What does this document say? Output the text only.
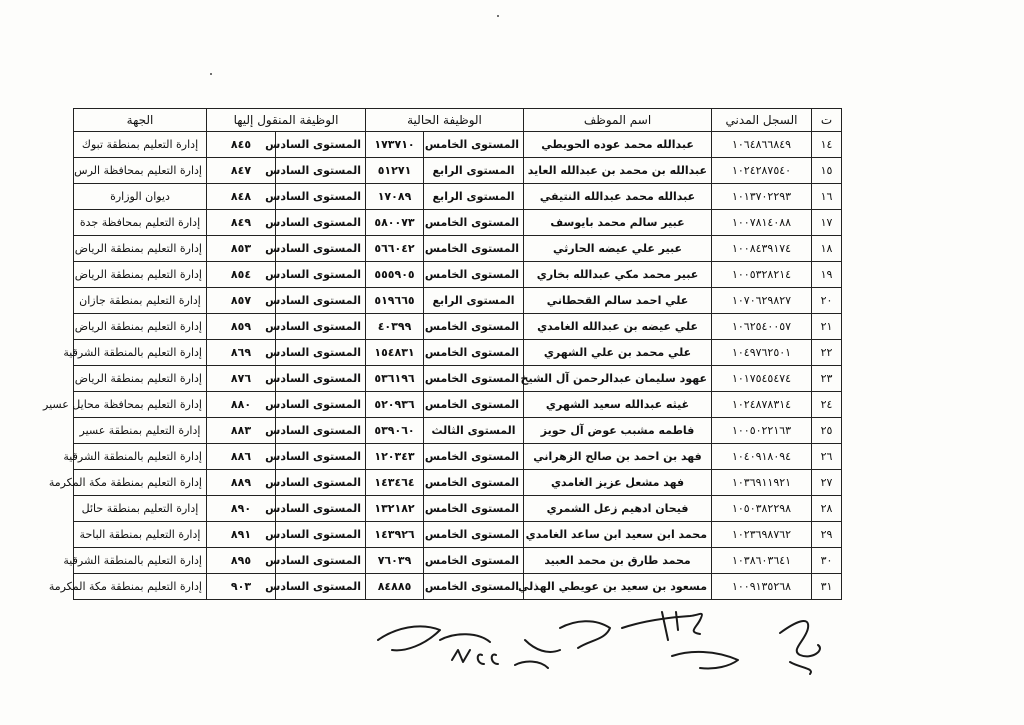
ت	السجل المدني	اسم الموظف	الوظيفة الحالية		الوظيفة المنقول إليها		الجهة
١٤	١٠٦٤٨٦٦٨٤٩	عبدالله محمد عوده الحويطي	المستوى الخامس	١٧٣٧١٠	المستوى السادس	٨٤٥	إدارة التعليم بمنطقة تبوك
١٥	١٠٢٤٢٨٧٥٤٠	عبدالله بن محمد بن عبدالله العايد	المستوى الرابع	٥١٢٧١	المستوى السادس	٨٤٧	إدارة التعليم بمحافظة الرس
١٦	١٠١٣٧٠٢٢٩٣	عبدالله محمد عبدالله النتيفي	المستوى الرابع	١٧٠٨٩	المستوى السادس	٨٤٨	ديوان الوزارة
١٧	١٠٠٧٨١٤٠٨٨	عبير سالم محمد بايوسف	المستوى الخامس	٥٨٠٠٧٣	المستوى السادس	٨٤٩	إدارة التعليم بمحافظة جدة
١٨	١٠٠٨٤٣٩١٧٤	عبير علي عيضه الحارثي	المستوى الخامس	٥٦٦٠٤٢	المستوى السادس	٨٥٣	إدارة التعليم بمنطقة الرياض
١٩	١٠٠٥٣٢٨٢١٤	عبير محمد مكي عبدالله بخاري	المستوى الخامس	٥٥٥٩٠٥	المستوى السادس	٨٥٤	إدارة التعليم بمنطقة الرياض
٢٠	١٠٧٠٦٢٩٨٢٧	علي احمد سالم القحطاني	المستوى الرابع	٥١٩٦٦٥	المستوى السادس	٨٥٧	إدارة التعليم بمنطقة جازان
٢١	١٠٦٢٥٤٠٠٥٧	علي عيضه بن عبدالله الغامدي	المستوى الخامس	٤٠٣٩٩	المستوى السادس	٨٥٩	إدارة التعليم بمنطقة الرياض
٢٢	١٠٤٩٧٦٢٥٠١	علي محمد بن علي الشهري	المستوى الخامس	١٥٤٨٣١	المستوى السادس	٨٦٩	إدارة التعليم بالمنطقة الشرقية
٢٣	١٠١٧٥٤٥٤٧٤	عهود سليمان عبدالرحمن آل الشيخ	المستوى الخامس	٥٣٦١٩٦	المستوى السادس	٨٧٦	إدارة التعليم بمنطقة الرياض
٢٤	١٠٢٤٨٧٨٣١٤	غيثه عبدالله سعيد الشهري	المستوى الخامس	٥٢٠٩٣٦	المستوى السادس	٨٨٠	إدارة التعليم بمحافظة محايل عسير
٢٥	١٠٠٥٠٢٢١٦٣	فاطمه مشبب عوض آل حويز	المستوى الثالث	٥٣٩٠٦٠	المستوى السادس	٨٨٣	إدارة التعليم بمنطقة عسير
٢٦	١٠٤٠٩١٨٠٩٤	فهد بن احمد بن صالح الزهراني	المستوى الخامس	١٢٠٣٤٣	المستوى السادس	٨٨٦	إدارة التعليم بالمنطقة الشرقية
٢٧	١٠٣٦٩١١٩٢١	فهد مشعل عزيز الغامدي	المستوى الخامس	١٤٣٤٦٤	المستوى السادس	٨٨٩	إدارة التعليم بمنطقة مكة المكرمة
٢٨	١٠٥٠٣٨٢٢٩٨	فيحان ادهيم زعل الشمري	المستوى الخامس	١٣٢١٨٢	المستوى السادس	٨٩٠	إدارة التعليم بمنطقة حائل
٢٩	١٠٢٣٦٩٨٧٦٢	محمد ابن سعيد ابن ساعد الغامدي	المستوى الخامس	١٤٣٩٢٦	المستوى السادس	٨٩١	إدارة التعليم بمنطقة الباحة
٣٠	١٠٣٨٦٠٣٦٤١	محمد طارق بن محمد العبيد	المستوى الخامس	٧٦٠٣٩	المستوى السادس	٨٩٥	إدارة التعليم بالمنطقة الشرقية
٣١	١٠٠٩١٣٥٢٦٨	مسعود بن سعيد بن عويطي الهذلي	المستوى الخامس	٨٤٨٨٥	المستوى السادس	٩٠٣	إدارة التعليم بمنطقة مكة المكرمة
